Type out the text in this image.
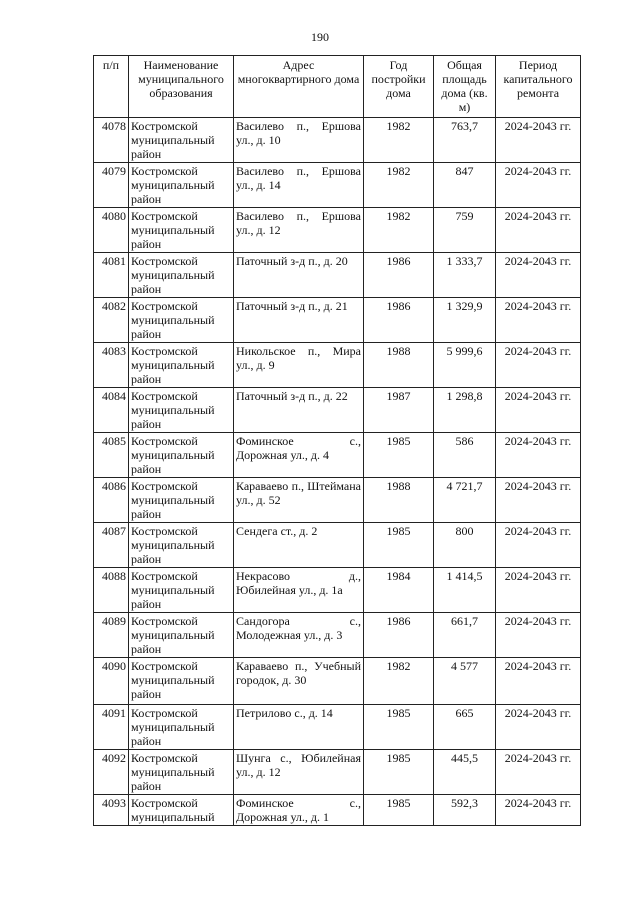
190
п/п	Наименование муниципального образования	Адрес многоквартирного дома	Год постройки дома	Общая площадь дома (кв. м)	Период капитального ремонта
4078	Костромской муниципальный район	Василево п., Ершова ул., д. 10	1982	763,7	2024-2043 гг.
4079	Костромской муниципальный район	Василево п., Ершова ул., д. 14	1982	847	2024-2043 гг.
4080	Костромской муниципальный район	Василево п., Ершова ул., д. 12	1982	759	2024-2043 гг.
4081	Костромской муниципальный район	Паточный з-д п., д. 20	1986	1 333,7	2024-2043 гг.
4082	Костромской муниципальный район	Паточный з-д п., д. 21	1986	1 329,9	2024-2043 гг.
4083	Костромской муниципальный район	Никольское п., Мира ул., д. 9	1988	5 999,6	2024-2043 гг.
4084	Костромской муниципальный район	Паточный з-д п., д. 22	1987	1 298,8	2024-2043 гг.
4085	Костромской муниципальный район	Фоминское с., Дорожная ул., д. 4	1985	586	2024-2043 гг.
4086	Костромской муниципальный район	Караваево п., Штеймана ул., д. 52	1988	4 721,7	2024-2043 гг.
4087	Костромской муниципальный район	Сендега ст., д. 2	1985	800	2024-2043 гг.
4088	Костромской муниципальный район	Некрасово д., Юбилейная ул., д. 1а	1984	1 414,5	2024-2043 гг.
4089	Костромской муниципальный район	Сандогора с., Молодежная ул., д. 3	1986	661,7	2024-2043 гг.
4090	Костромской муниципальный район	Караваево п., Учебный городок, д. 30	1982	4 577	2024-2043 гг.
4091	Костромской муниципальный район	Петрилово с., д. 14	1985	665	2024-2043 гг.
4092	Костромской муниципальный район	Шунга с., Юбилейная ул., д. 12	1985	445,5	2024-2043 гг.
4093	Костромской муниципальный	Фоминское с., Дорожная ул., д. 1	1985	592,3	2024-2043 гг.
